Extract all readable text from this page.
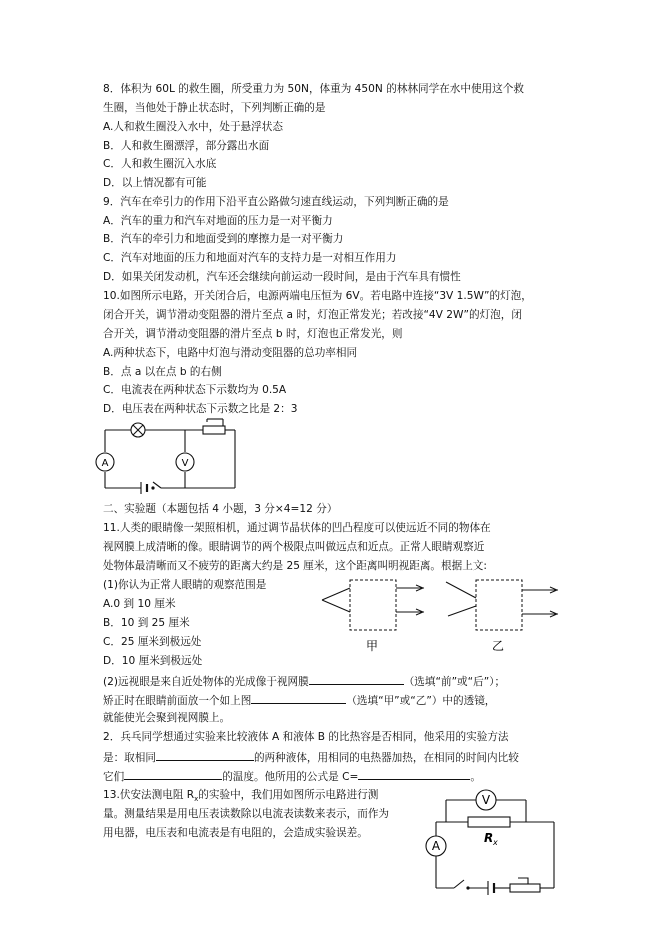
8．体积为 60L 的救生圈，所受重力为 50N，体重为 450N 的林林同学在水中使用这个救
生圈，当他处于静止状态时，下列判断正确的是
A.人和救生圈没入水中，处于悬浮状态
B．人和救生圈漂浮，部分露出水面
C．人和救生圈沉入水底
D．以上情况都有可能
9．汽车在牵引力的作用下沿平直公路做匀速直线运动，下列判断正确的是
A．汽车的重力和汽车对地面的压力是一对平衡力
B．汽车的牵引力和地面受到的摩擦力是一对平衡力
C．汽车对地面的压力和地面对汽车的支持力是一对相互作用力
D．如果关闭发动机，汽车还会继续向前运动一段时间，是由于汽车具有惯性
10.如图所示电路，开关闭合后，电源两端电压恒为 6V。若电路中连接“3V 1.5W”的灯泡，
闭合开关，调节滑动变阻器的滑片至点 a 时，灯泡正常发光；若改接“4V 2W”的灯泡，闭
合开关，调节滑动变阻器的滑片至点 b 时，灯泡也正常发光，则
A.两种状态下，电路中灯泡与滑动变阻器的总功率相同
B．点 a 以在点 b 的右侧
C．电流表在两种状态下示数均为 0.5A
D．电压表在两种状态下示数之比是 2：3
A	V
二、实验题（本题包括 4 小题，3 分×4=12 分）
11.人类的眼睛像一架照相机，通过调节晶状体的凹凸程度可以使远近不同的物体在
视网膜上成清晰的像。眼睛调节的两个极限点叫做远点和近点。正常人眼睛观察近
处物体最清晰而又不疲劳的距离大约是 25 厘米，这个距离叫明视距离。根据上文:
(1)你认为正常人眼睛的观察范围是
A.0 到 10 厘米
B．10 到 25 厘米
C．25 厘米到极远处
D．10 厘米到极远处
甲	乙
(2)远视眼是来自近处物体的光成像于视网膜	（选填“前”或“后”）；
矫正时在眼睛前面放一个如上图	（选填“甲”或“乙”）中的透镜，
就能使光会聚到视网膜上。
2．兵乓同学想通过实验来比较液体 A 和液体 B 的比热容是否相同，他采用的实验方法
是：取相同	的两种液体，用相同的电热器加热，在相同的时间内比较
它们	的温度。他所用的公式是 C=	。
13.伏安法测电阻 $R_x$的实验中，我们用如图所示电路进行测
量。测量结果是用电压表读数除以电流表读数来表示，而作为
用电器，电压表和电流表是有电阻的，会造成实验误差。
V
A
R x
